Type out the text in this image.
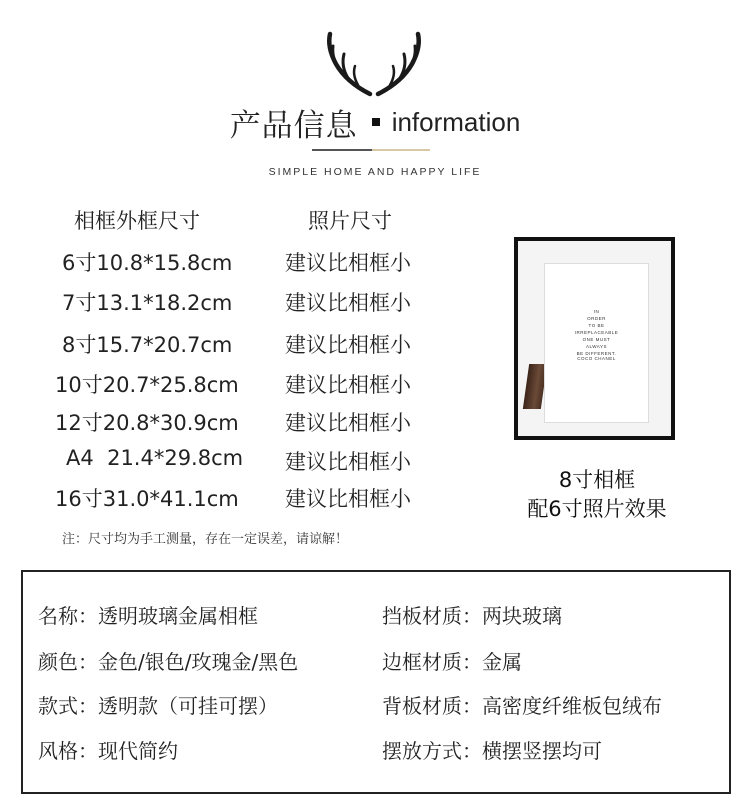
产品信息 information
SIMPLE HOME AND HAPPY LIFE
相框外框尺寸	照片尺寸
6寸10.8*15.8cm	建议比相框小
7寸13.1*18.2cm	建议比相框小
8寸15.7*20.7cm	建议比相框小
10寸20.7*25.8cm 建议比相框小
12寸20.8*30.9cm 建议比相框小
A4  21.4*29.8cm 建议比相框小
16寸31.0*41.1cm 建议比相框小
注：尺寸均为手工测量，存在一定误差，请谅解！
IN
ORDER
TO BE
IRREPLACEABLE
ONE MUST
ALWAYS
BE DIFFERENT.
COCO CHANEL
8寸相框
配6寸照片效果
名称：透明玻璃金属相框
颜色：金色/银色/玫瑰金/黑色
款式：透明款（可挂可摆）
风格：现代简约
挡板材质：两块玻璃
边框材质：金属
背板材质：高密度纤维板包绒布
摆放方式：横摆竖摆均可
